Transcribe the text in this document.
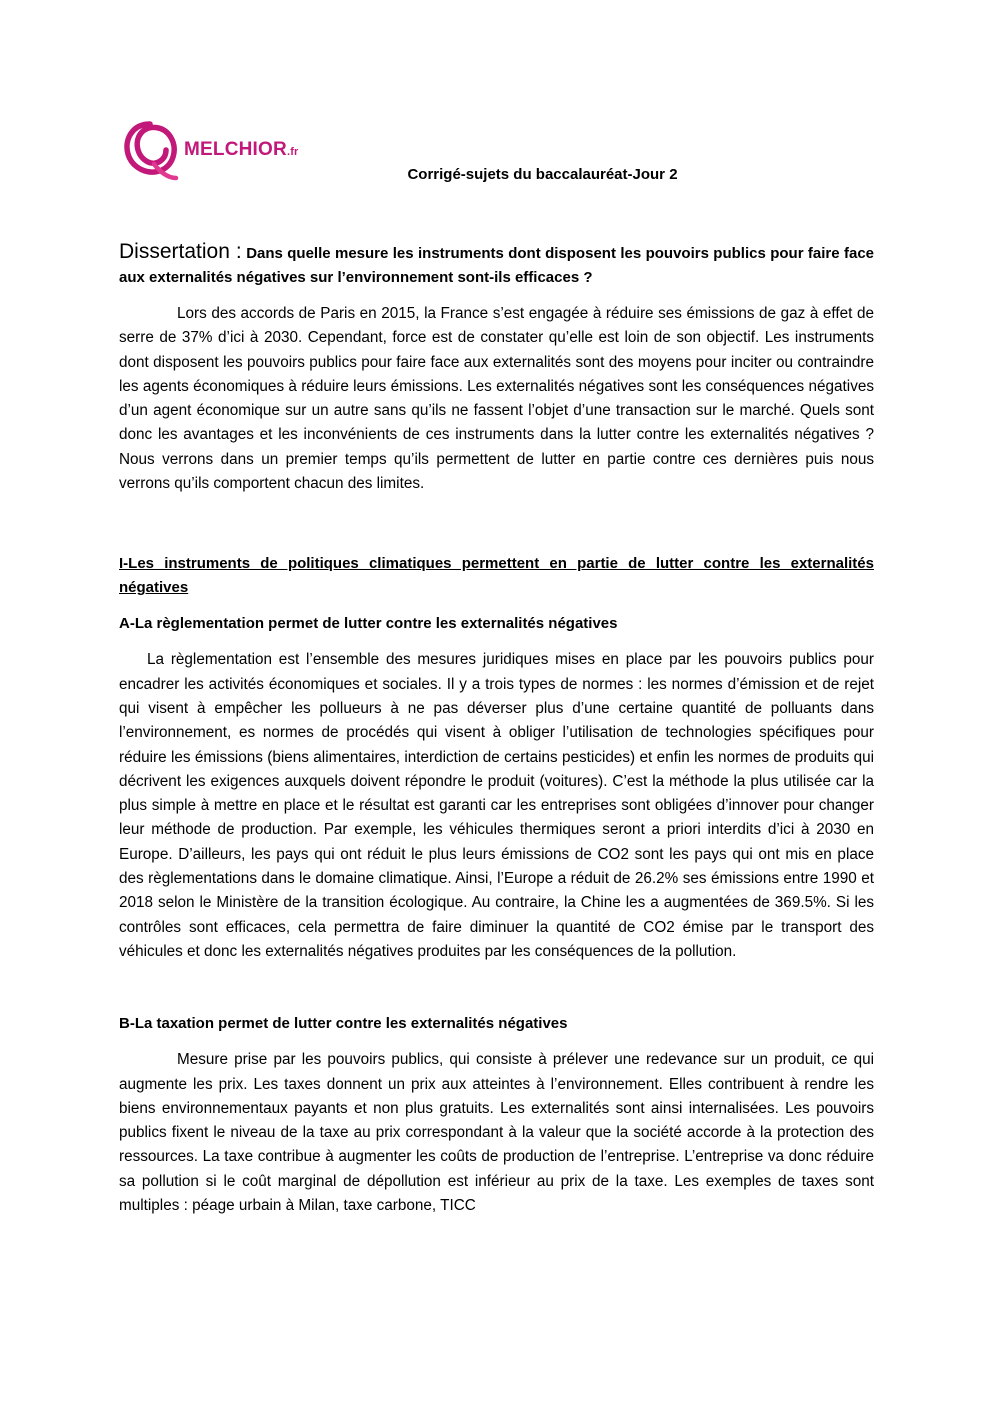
MELCHIOR.fr
Corrigé-sujets du baccalauréat-Jour 2
Dissertation : Dans quelle mesure les instruments dont disposent les pouvoirs publics pour faire face aux externalités négatives sur l’environnement sont-ils efficaces ?

Lors des accords de Paris en 2015, la France s’est engagée à réduire ses émissions de gaz à effet de serre de 37% d’ici à 2030. Cependant, force est de constater qu’elle est loin de son objectif. Les instruments dont disposent les pouvoirs publics pour faire face aux externalités sont des moyens pour inciter ou contraindre les agents économiques à réduire leurs émissions. Les externalités négatives sont les conséquences négatives d’un agent économique sur un autre sans qu’ils ne fassent l’objet d’une transaction sur le marché. Quels sont donc les avantages et les inconvénients de ces instruments dans la lutter contre les externalités négatives ? Nous verrons dans un premier temps qu’ils permettent de lutter en partie contre ces dernières puis nous verrons qu’ils comportent chacun des limites.

I-Les instruments de politiques climatiques permettent en partie de lutter contre les externalités négatives
A-La règlementation permet de lutter contre les externalités négatives

La règlementation est l’ensemble des mesures juridiques mises en place par les pouvoirs publics pour encadrer les activités économiques et sociales. Il y a trois types de normes : les normes d’émission et de rejet qui visent à empêcher les pollueurs à ne pas déverser plus d’une certaine quantité de polluants dans l’environnement, es normes de procédés qui visent à obliger l’utilisation de technologies spécifiques pour réduire les émissions (biens alimentaires, interdiction de certains pesticides) et enfin les normes de produits qui décrivent les exigences auxquels doivent répondre le produit (voitures). C’est la méthode la plus utilisée car la plus simple à mettre en place et le résultat est garanti car les entreprises sont obligées d’innover pour changer leur méthode de production. Par exemple, les véhicules thermiques seront a priori interdits d’ici à 2030 en Europe. D’ailleurs, les pays qui ont réduit le plus leurs émissions de CO2 sont les pays qui ont mis en place des règlementations dans le domaine climatique. Ainsi, l’Europe a réduit de 26.2% ses émissions entre 1990 et 2018 selon le Ministère de la transition écologique. Au contraire, la Chine les a augmentées de 369.5%. Si les contrôles sont efficaces, cela permettra de faire diminuer la quantité de CO2 émise par le transport des véhicules et donc les externalités négatives produites par les conséquences de la pollution.

B-La taxation permet de lutter contre les externalités négatives

Mesure prise par les pouvoirs publics, qui consiste à prélever une redevance sur un produit, ce qui augmente les prix. Les taxes donnent un prix aux atteintes à l’environnement. Elles contribuent à rendre les biens environnementaux payants et non plus gratuits. Les externalités sont ainsi internalisées. Les pouvoirs publics fixent le niveau de la taxe au prix correspondant à la valeur que la société accorde à la protection des ressources. La taxe contribue à augmenter les coûts de production de l’entreprise. L’entreprise va donc réduire sa pollution si le coût marginal de dépollution est inférieur au prix de la taxe. Les exemples de taxes sont multiples : péage urbain à Milan, taxe carbone, TICC
